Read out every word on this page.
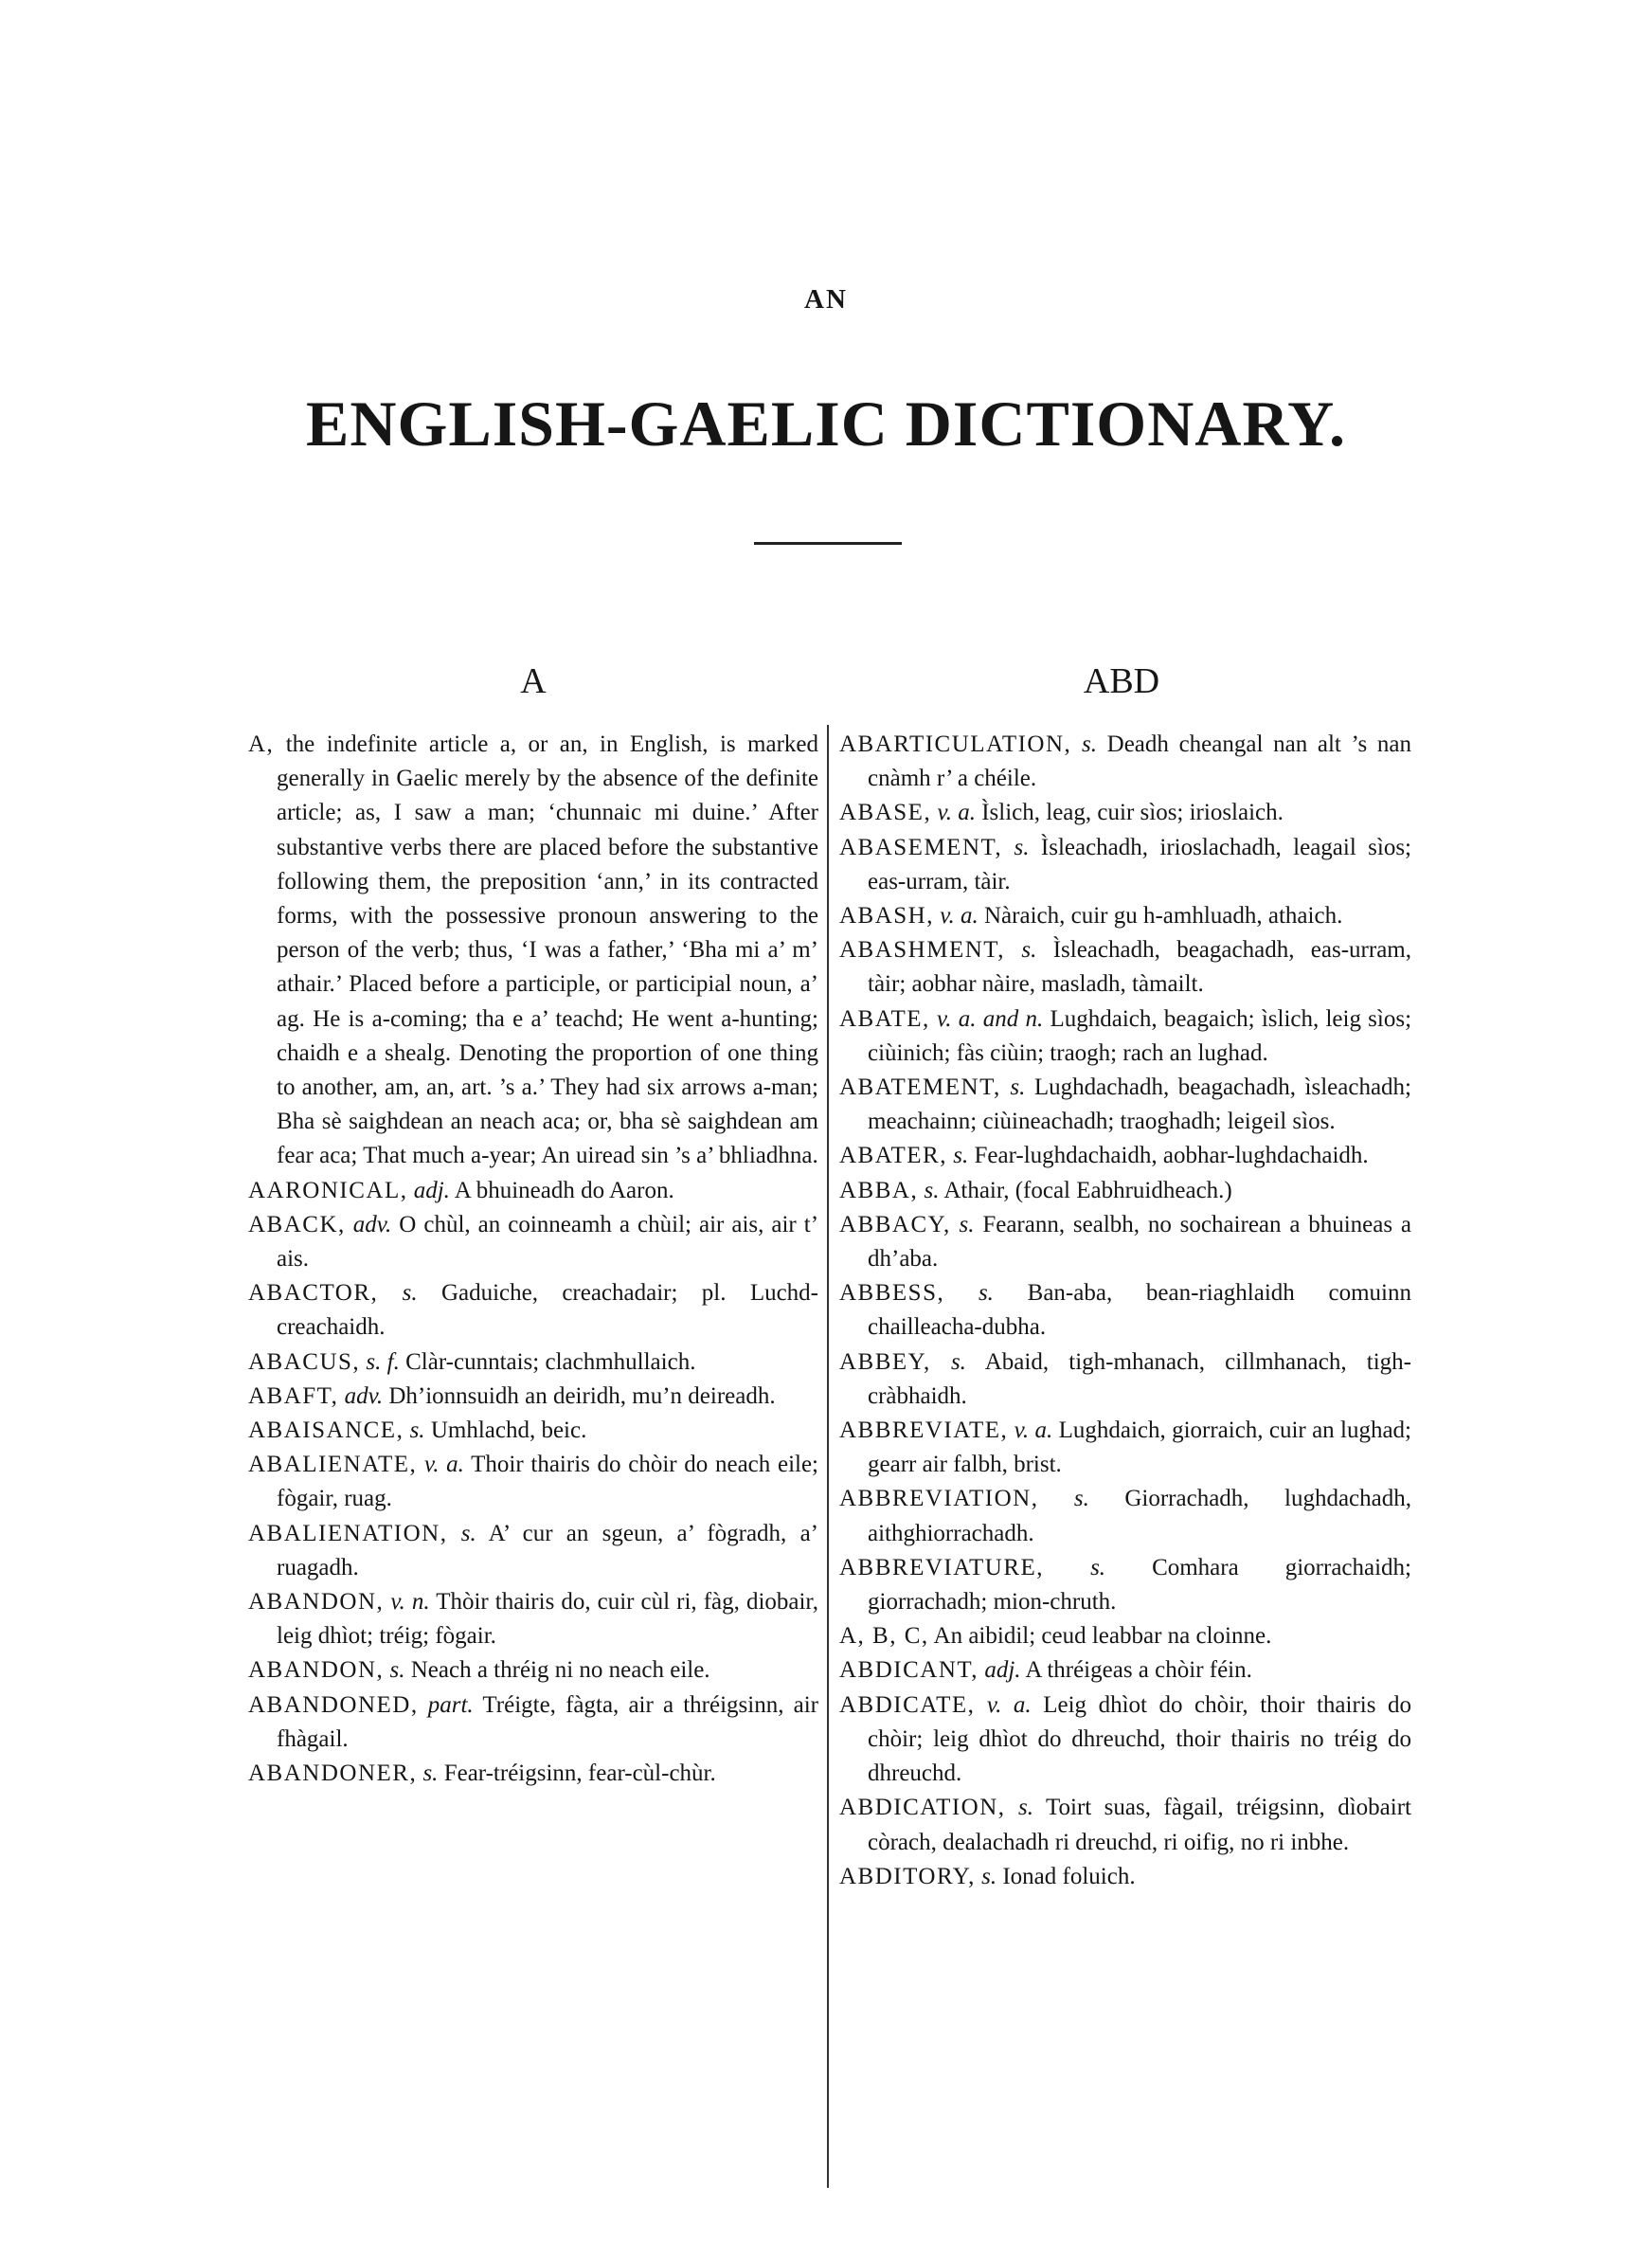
AN
ENGLISH-GAELIC DICTIONARY.
A	ABD
A, the indefinite article a, or an, in English, is marked generally in Gaelic merely by the absence of the definite article; as, I saw a man; ‘chunnaic mi duine.’ After substantive verbs there are placed before the substantive following them, the preposition ‘ann,’ in its contracted forms, with the possessive pronoun answering to the person of the verb; thus, ‘I was a father,’ ‘Bha mi a’ m’ athair.’ Placed before a participle, or participial noun, a’ ag. He is a-coming; tha e a’ teachd; He went a-hunting; chaidh e a shealg. Denoting the proportion of one thing to another, am, an, art. ’s a.’ They had six arrows a-man; Bha sè saighdean an neach aca; or, bha sè saighdean am fear aca; That much a-year; An uiread sin ’s a’ bhliadhna.
AARONICAL, adj. A bhuineadh do Aaron.
ABACK, adv. O chùl, an coinneamh a chùil; air ais, air t’ ais.
ABACTOR, s. Gaduiche, creachadair; pl. Luchd-creachaidh.
ABACUS, s. f. Clàr-cunntais; clachmhullaich.
ABAFT, adv. Dh’ionnsuidh an deiridh, mu’n deireadh.
ABAISANCE, s. Umhlachd, beic.
ABALIENATE, v. a. Thoir thairis do chòir do neach eile; fògair, ruag.
ABALIENATION, s. A’ cur an sgeun, a’ fògradh, a’ ruagadh.
ABANDON, v. n. Thòir thairis do, cuir cùl ri, fàg, diobair, leig dhìot; tréig; fògair.
ABANDON, s. Neach a thréig ni no neach eile.
ABANDONED, part. Tréigte, fàgta, air a thréigsinn, air fhàgail.
ABANDONER, s. Fear-tréigsinn, fear-cùl-chùr.
ABARTICULATION, s. Deadh cheangal nan alt ’s nan cnàmh r’ a chéile.
ABASE, v. a. Ìslich, leag, cuir sìos; irioslaich.
ABASEMENT, s. Ìsleachadh, irioslachadh, leagail sìos; eas-urram, tàir.
ABASH, v. a. Nàraich, cuir gu h-amhluadh, athaich.
ABASHMENT, s. Ìsleachadh, beagachadh, eas-urram, tàir; aobhar nàire, masladh, tàmailt.
ABATE, v. a. and n. Lughdaich, beagaich; ìslich, leig sìos; ciùinich; fàs ciùin; traogh; rach an lughad.
ABATEMENT, s. Lughdachadh, beagachadh, ìsleachadh; meachainn; ciùineachadh; traoghadh; leigeil sìos.
ABATER, s. Fear-lughdachaidh, aobhar-lughdachaidh.
ABBA, s. Athair, (focal Eabhruidheach.)
ABBACY, s. Fearann, sealbh, no sochairean a bhuineas a dh’aba.
ABBESS, s. Ban-aba, bean-riaghlaidh comuinn chailleacha-dubha.
ABBEY, s. Abaid, tigh-mhanach, cillmhanach, tigh-cràbhaidh.
ABBREVIATE, v. a. Lughdaich, giorraich, cuir an lughad; gearr air falbh, brist.
ABBREVIATION, s. Giorrachadh, lughdachadh, aithghiorrachadh.
ABBREVIATURE, s. Comhara giorrachaidh; giorrachadh; mion-chruth.
A, B, C, An aibidil; ceud leabbar na cloinne.
ABDICANT, adj. A thréigeas a chòir féin.
ABDICATE, v. a. Leig dhìot do chòir, thoir thairis do chòir; leig dhìot do dhreuchd, thoir thairis no tréig do dhreuchd.
ABDICATION, s. Toirt suas, fàgail, tréigsinn, dìobairt còrach, dealachadh ri dreuchd, ri oifig, no ri inbhe.
ABDITORY, s. Ionad foluich.
